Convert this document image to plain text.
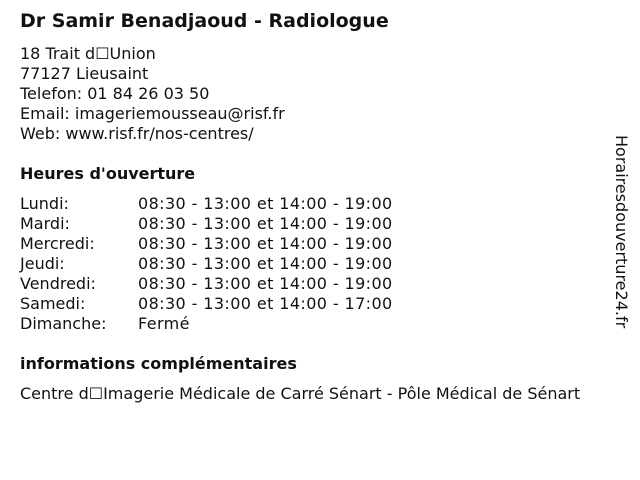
Dr Samir Benadjaoud - Radiologue
18 Trait d☐Union
77127 Lieusaint
Telefon: 01 84 26 03 50
Email: imageriemousseau@risf.fr
Web: www.risf.fr/nos-centres/
Heures d'ouverture
Lundi:	08:30 - 13:00 et 14:00 - 19:00
Mardi:	08:30 - 13:00 et 14:00 - 19:00
Mercredi:	08:30 - 13:00 et 14:00 - 19:00
Jeudi:	08:30 - 13:00 et 14:00 - 19:00
Vendredi:	08:30 - 13:00 et 14:00 - 19:00
Samedi:	08:30 - 13:00 et 14:00 - 17:00
Dimanche: Fermé
informations complémentaires
Centre d☐Imagerie Médicale de Carré Sénart - Pôle Médical de Sénart
Horairesdouverture24.fr
